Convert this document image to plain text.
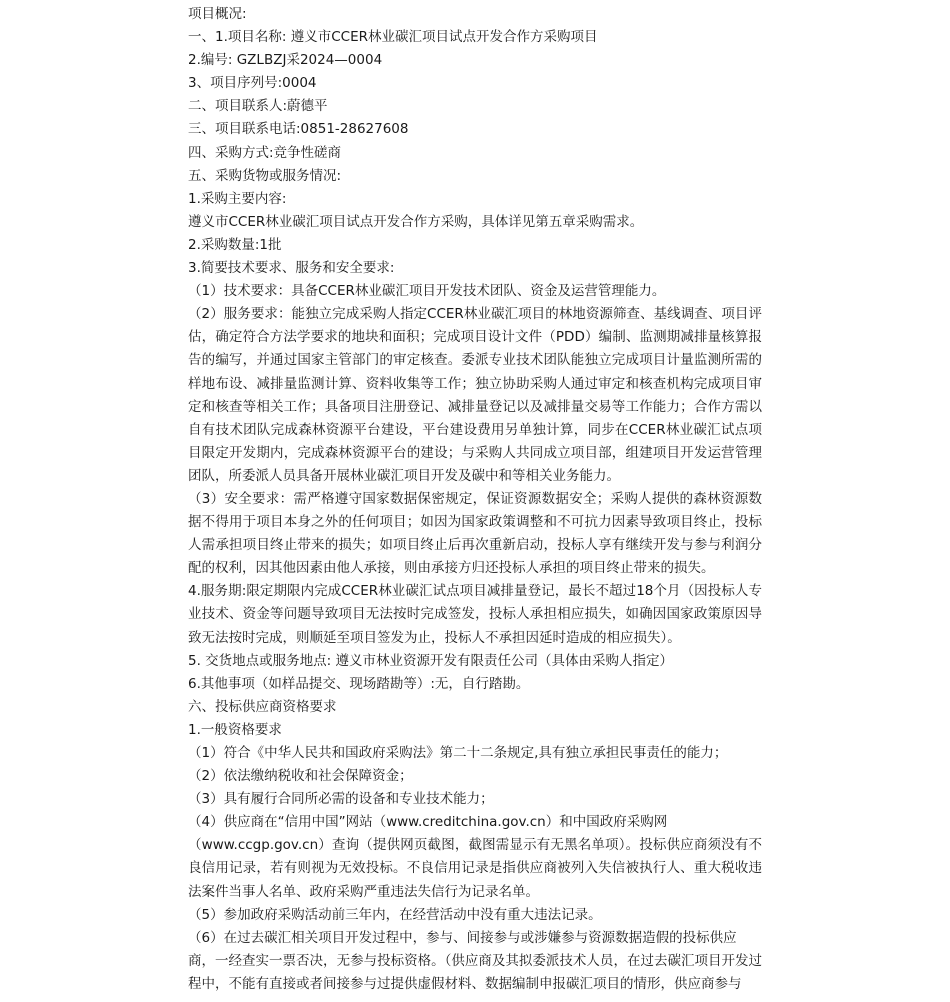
项目概况:

一、1.项目名称: 遵义市CCER林业碳汇项目试点开发合作方采购项目

2.编号: GZLBZJ采2024—0004

3、项目序列号:0004

二、项目联系人:蔚德平

三、项目联系电话:0851-28627608

四、采购方式:竞争性磋商

五、采购货物或服务情况:

1.采购主要内容:

遵义市CCER林业碳汇项目试点开发合作方采购，具体详见第五章采购需求。

2.采购数量:1批

3.简要技术要求、服务和安全要求:

（1）技术要求：具备CCER林业碳汇项目开发技术团队、资金及运营管理能力。

（2）服务要求：能独立完成采购人指定CCER林业碳汇项目的林地资源筛查、基线调查、项目评估，确定符合方法学要求的地块和面积；完成项目设计文件（PDD）编制、监测期减排量核算报告的编写，并通过国家主管部门的审定核查。委派专业技术团队能独立完成项目计量监测所需的样地布设、减排量监测计算、资料收集等工作；独立协助采购人通过审定和核查机构完成项目审定和核查等相关工作；具备项目注册登记、减排量登记以及减排量交易等工作能力；合作方需以自有技术团队完成森林资源平台建设，平台建设费用另单独计算，同步在CCER林业碳汇试点项目限定开发期内，完成森林资源平台的建设；与采购人共同成立项目部，组建项目开发运营管理团队，所委派人员具备开展林业碳汇项目开发及碳中和等相关业务能力。

（3）安全要求：需严格遵守国家数据保密规定，保证资源数据安全；采购人提供的森林资源数据不得用于项目本身之外的任何项目；如因为国家政策调整和不可抗力因素导致项目终止，投标人需承担项目终止带来的损失；如项目终止后再次重新启动，投标人享有继续开发与参与利润分配的权利，因其他因素由他人承接，则由承接方归还投标人承担的项目终止带来的损失。

4.服务期:限定期限内完成CCER林业碳汇试点项目减排量登记，最长不超过18个月（因投标人专业技术、资金等问题导致项目无法按时完成签发，投标人承担相应损失，如确因国家政策原因导致无法按时完成，则顺延至项目签发为止，投标人不承担因延时造成的相应损失）。

5. 交货地点或服务地点: 遵义市林业资源开发有限责任公司（具体由采购人指定）

6.其他事项（如样品提交、现场踏勘等）:无，自行踏勘。

六、投标供应商资格要求

1.一般资格要求

（1）符合《中华人民共和国政府采购法》第二十二条规定,具有独立承担民事责任的能力；

（2）依法缴纳税收和社会保障资金；

（3）具有履行合同所必需的设备和专业技术能力；

（4）供应商在“信用中国”网站（www.creditchina.gov.cn）和中国政府采购网

（www.ccgp.gov.cn）查询（提供网页截图，截图需显示有无黑名单项）。投标供应商须没有不良信用记录，若有则视为无效投标。不良信用记录是指供应商被列入失信被执行人、重大税收违法案件当事人名单、政府采购严重违法失信行为记录名单。

（5）参加政府采购活动前三年内，在经营活动中没有重大违法记录。

（6）在过去碳汇相关项目开发过程中，参与、间接参与或涉嫌参与资源数据造假的投标供应

商，一经查实一票否决，无参与投标资格。（供应商及其拟委派技术人员，在过去碳汇项目开发过程中，不能有直接或者间接参与过提供虚假材料、数据编制申报碳汇项目的情形，供应商参与
